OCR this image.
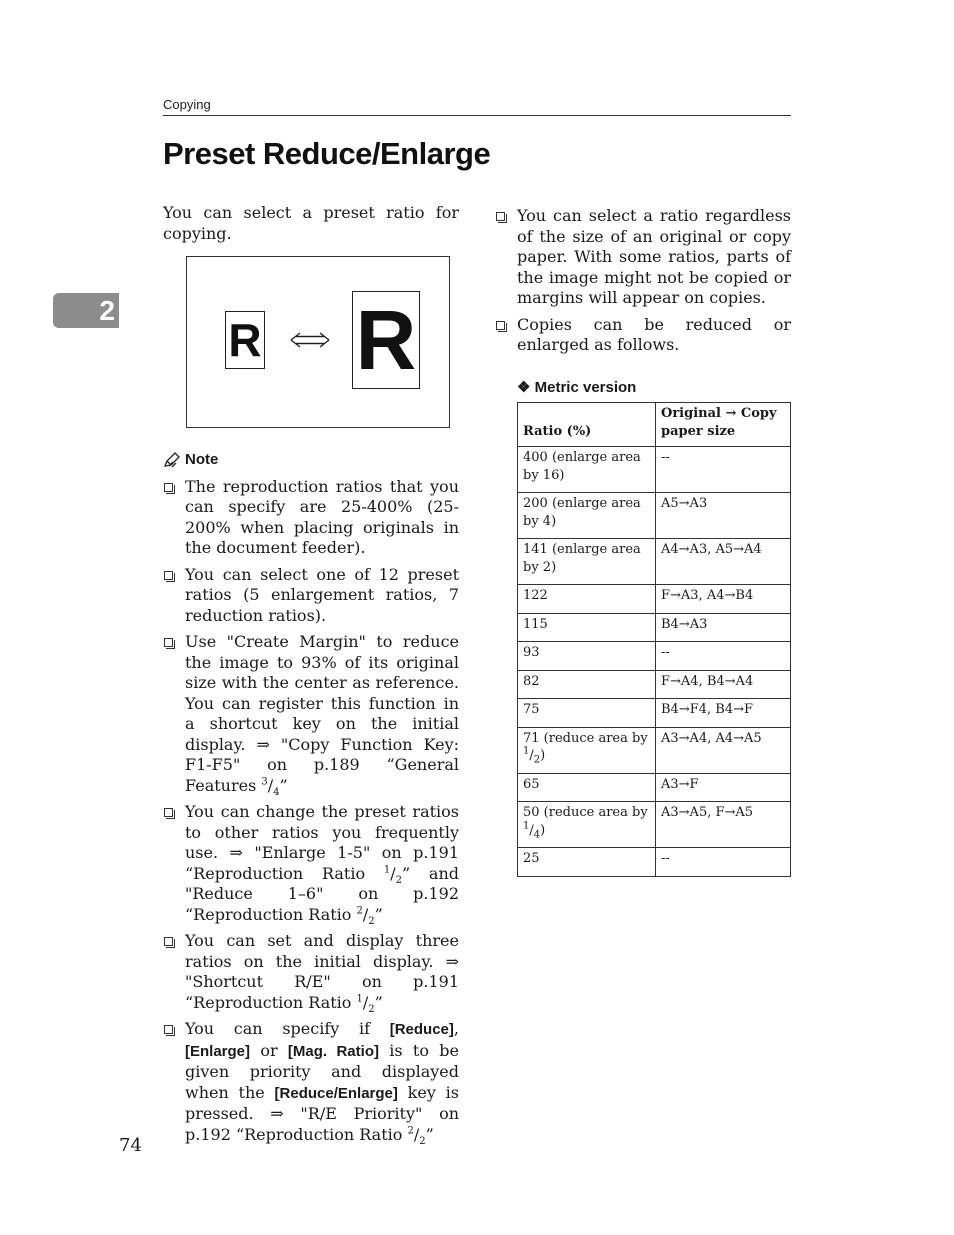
Copying
Preset Reduce/Enlarge
2

You can select a preset ratio for copying.

R R
Note
The reproduction ratios that you can specify are 25-400% (25-200% when placing originals in the document feeder).
You can select one of 12 preset ratios (5 enlargement ratios, 7 reduction ratios).
Use "Create Margin" to reduce the image to 93% of its original size with the center as reference. You can register this function in a shortcut key on the initial display. ⇒ "Copy Function Key: F1-F5" on p.189 “General Features $^3/_4$”
You can change the preset ratios to other ratios you frequently use. ⇒ "Enlarge 1-5" on p.191 “Reproduction Ratio $^1/_2$” and "Reduce 1–6" on p.192 “Reproduction Ratio $^2/_2$”
You can set and display three ratios on the initial display. ⇒ "Shortcut R/E" on p.191 “Reproduction Ratio $^1/_2$”
You can specify if [Reduce], [Enlarge] or [Mag. Ratio] is to be given priority and displayed when the [Reduce/Enlarge] key is pressed. ⇒ "R/E Priority" on p.192 “Reproduction Ratio $^2/_2$”
You can select a ratio regardless of the size of an original or copy paper. With some ratios, parts of the image might not be copied or margins will appear on copies.
Copies can be reduced or enlarged as follows.
❖ Metric version
Ratio (%)	Original → Copy paper size
400 (enlarge area by 16)	--
200 (enlarge area by 4)	A5→A3
141 (enlarge area by 2)	A4→A3, A5→A4
122	F→A3, A4→B4
115	B4→A3
93	--
82	F→A4, B4→A4
75	B4→F4, B4→F
71 (reduce area by $^1/_2$)	A3→A4, A4→A5
65	A3→F
50 (reduce area by $^1/_4$)	A3→A5, F→A5
25	--
74
